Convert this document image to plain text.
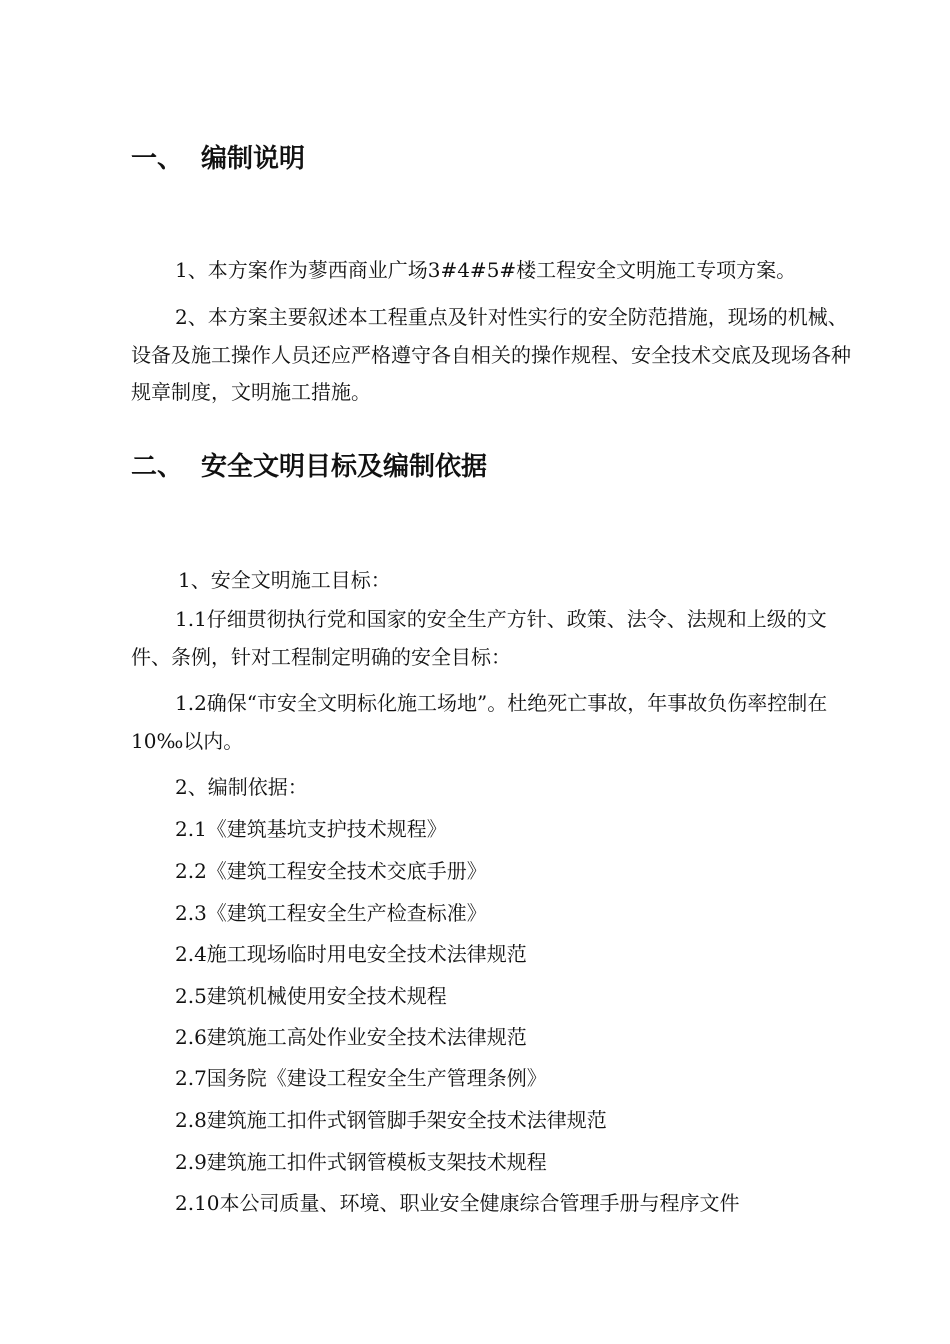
一、 编制说明

1、本方案作为蓼西商业广场3#4#5#楼工程安全文明施工专项方案。

2、本方案主要叙述本工程重点及针对性实行的安全防范措施，现场的机械、设备及施工操作人员还应严格遵守各自相关的操作规程、安全技术交底及现场各种规章制度，文明施工措施。

二、 安全文明目标及编制依据

1、安全文明施工目标：

1.1仔细贯彻执行党和国家的安全生产方针、政策、法令、法规和上级的文件、条例，针对工程制定明确的安全目标：

1.2确保“市安全文明标化施工场地”。杜绝死亡事故，年事故负伤率控制在10‰以内。

2、编制依据：

2.1《建筑基坑支护技术规程》

2.2《建筑工程安全技术交底手册》

2.3《建筑工程安全生产检查标准》

2.4施工现场临时用电安全技术法律规范

2.5建筑机械使用安全技术规程

2.6建筑施工高处作业安全技术法律规范

2.7国务院《建设工程安全生产管理条例》

2.8建筑施工扣件式钢管脚手架安全技术法律规范

2.9建筑施工扣件式钢管模板支架技术规程

2.10本公司质量、环境、职业安全健康综合管理手册与程序文件
